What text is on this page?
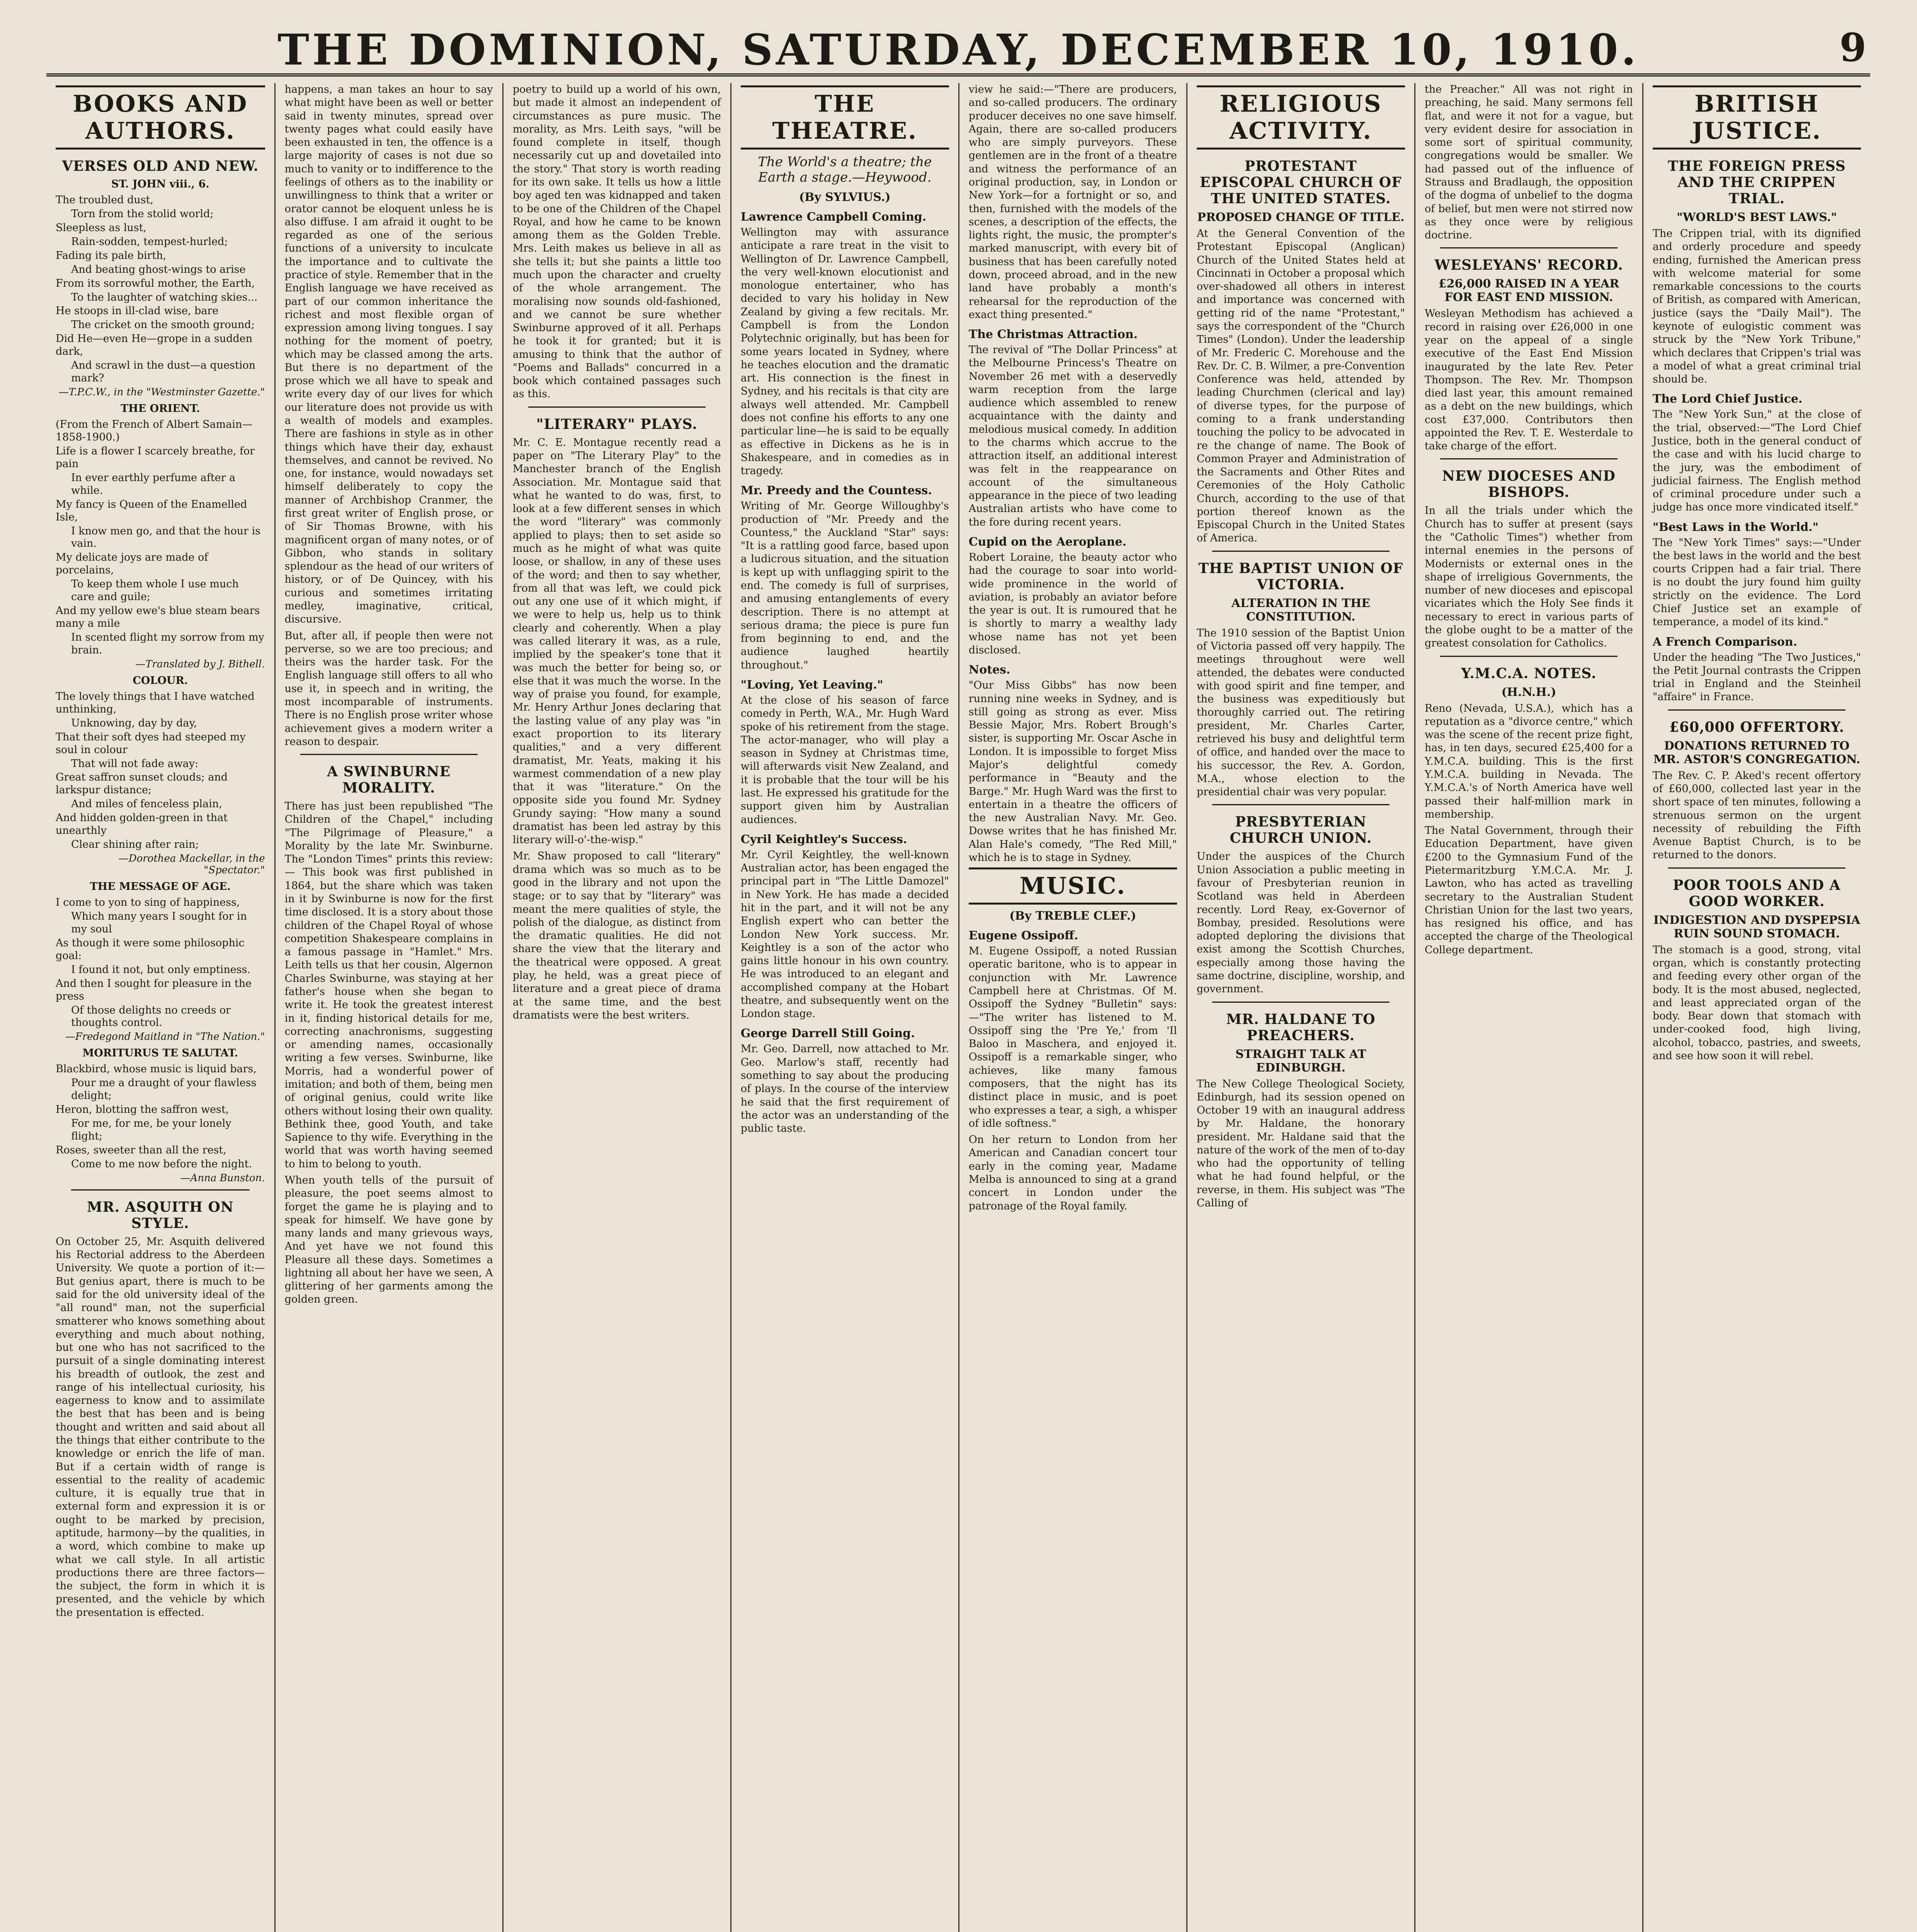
THE DOMINION, SATURDAY, DECEMBER 10, 1910.	9
BOOKS AND AUTHORS.
VERSES OLD AND NEW.

ST. JOHN viii., 6.

The troubled dust,

Torn from the stolid world;

Sleepless as lust,

Rain-sodden, tempest-hurled;

Fading its pale birth,

And beating ghost-wings to arise

From its sorrowful mother, the Earth,

To the laughter of watching skies...

He stoops in ill-clad wise, bare

The cricket on the smooth ground;

Did He—even He—grope in a sudden dark,

And scrawl in the dust—a question mark?

—T.P.C.W., in the "Westminster Gazette."

THE ORIENT.

(From the French of Albert Samain—1858-1900.)

Life is a flower I scarcely breathe, for pain

In ever earthly perfume after a while.

My fancy is Queen of the Enamelled Isle,

I know men go, and that the hour is vain.

My delicate joys are made of porcelains,

To keep them whole I use much care and guile;

And my yellow ewe's blue steam bears many a mile

In scented flight my sorrow from my brain.

—Translated by J. Bithell.

COLOUR.

The lovely things that I have watched unthinking,

Unknowing, day by day,

That their soft dyes had steeped my soul in colour

That will not fade away:

Great saffron sunset clouds; and larkspur distance;

And miles of fenceless plain,

And hidden golden-green in that unearthly

Clear shining after rain;

—Dorothea Mackellar, in the "Spectator."

THE MESSAGE OF AGE.

I come to yon to sing of happiness,

Which many years I sought for in my soul

As though it were some philosophic goal:

I found it not, but only emptiness.

And then I sought for pleasure in the press

Of those delights no creeds or thoughts control.

—Fredegond Maitland in "The Nation."

MORITURUS TE SALUTAT.

Blackbird, whose music is liquid bars,

Pour me a draught of your flawless delight;

Heron, blotting the saffron west,

For me, for me, be your lonely flight;

Roses, sweeter than all the rest,

Come to me now before the night.

—Anna Bunston.
MR. ASQUITH ON STYLE.

On October 25, Mr. Asquith delivered his Rectorial address to the Aberdeen University. We quote a portion of it:— But genius apart, there is much to be said for the old university ideal of the "all round" man, not the superficial smatterer who knows something about everything and much about nothing, but one who has not sacrificed to the pursuit of a single dominating interest his breadth of outlook, the zest and range of his intellectual curiosity, his eagerness to know and to assimilate the best that has been and is being thought and written and said about all the things that either contribute to the knowledge or enrich the life of man. But if a certain width of range is essential to the reality of academic culture, it is equally true that in external form and expression it is or ought to be marked by precision, aptitude, harmony—by the qualities, in a word, which combine to make up what we call style. In all artistic productions there are three factors—the subject, the form in which it is presented, and the vehicle by which the presentation is effected.

happens, a man takes an hour to say what might have been as well or better said in twenty minutes, spread over twenty pages what could easily have been exhausted in ten, the offence is a large majority of cases is not due so much to vanity or to indifference to the feelings of others as to the inability or unwillingness to think that a writer or orator cannot be eloquent unless he is also diffuse. I am afraid it ought to be regarded as one of the serious functions of a university to inculcate the importance and to cultivate the practice of style. Remember that in the English language we have received as part of our common inheritance the richest and most flexible organ of expression among living tongues. I say nothing for the moment of poetry, which may be classed among the arts. But there is no department of the prose which we all have to speak and write every day of our lives for which our literature does not provide us with a wealth of models and examples. There are fashions in style as in other things which have their day, exhaust themselves, and cannot be revived. No one, for instance, would nowadays set himself deliberately to copy the manner of Archbishop Cranmer, the first great writer of English prose, or of Sir Thomas Browne, with his magnificent organ of many notes, or of Gibbon, who stands in solitary splendour as the head of our writers of history, or of De Quincey, with his curious and sometimes irritating medley, imaginative, critical, discursive.

But, after all, if people then were not perverse, so we are too precious; and theirs was the harder task. For the English language still offers to all who use it, in speech and in writing, the most incomparable of instruments. There is no English prose writer whose achievement gives a modern writer a reason to despair.

A SWINBURNE MORALITY.

There has just been republished "The Children of the Chapel," including "The Pilgrimage of Pleasure," a Morality by the late Mr. Swinburne. The "London Times" prints this review:— This book was first published in 1864, but the share which was taken in it by Swinburne is now for the first time disclosed. It is a story about those children of the Chapel Royal of whose competition Shakespeare complains in a famous passage in "Hamlet." Mrs. Leith tells us that her cousin, Algernon Charles Swinburne, was staying at her father's house when she began to write it. He took the greatest interest in it, finding historical details for me, correcting anachronisms, suggesting or amending names, occasionally writing a few verses. Swinburne, like Morris, had a wonderful power of imitation; and both of them, being men of original genius, could write like others without losing their own quality. Bethink thee, good Youth, and take Sapience to thy wife. Everything in the world that was worth having seemed to him to belong to youth.

When youth tells of the pursuit of pleasure, the poet seems almost to forget the game he is playing and to speak for himself. We have gone by many lands and many grievous ways, And yet have we not found this Pleasure all these days. Sometimes a lightning all about her have we seen, A glittering of her garments among the golden green.

poetry to build up a world of his own, but made it almost an independent of circumstances as pure music. The morality, as Mrs. Leith says, "will be found complete in itself, though necessarily cut up and dovetailed into the story." That story is worth reading for its own sake. It tells us how a little boy aged ten was kidnapped and taken to be one of the Children of the Chapel Royal, and how he came to be known among them as the Golden Treble. Mrs. Leith makes us believe in all as she tells it; but she paints a little too much upon the character and cruelty of the whole arrangement. The moralising now sounds old-fashioned, and we cannot be sure whether Swinburne approved of it all. Perhaps he took it for granted; but it is amusing to think that the author of "Poems and Ballads" concurred in a book which contained passages such as this.

"LITERARY" PLAYS.

Mr. C. E. Montague recently read a paper on "The Literary Play" to the Manchester branch of the English Association. Mr. Montague said that what he wanted to do was, first, to look at a few different senses in which the word "literary" was commonly applied to plays; then to set aside so much as he might of what was quite loose, or shallow, in any of these uses of the word; and then to say whether, from all that was left, we could pick out any one use of it which might, if we were to help us, help us to think clearly and coherently. When a play was called literary it was, as a rule, implied by the speaker's tone that it was much the better for being so, or else that it was much the worse. In the way of praise you found, for example, Mr. Henry Arthur Jones declaring that the lasting value of any play was "in exact proportion to its literary qualities," and a very different dramatist, Mr. Yeats, making it his warmest commendation of a new play that it was "literature." On the opposite side you found Mr. Sydney Grundy saying: "How many a sound dramatist has been led astray by this literary will-o'-the-wisp."

Mr. Shaw proposed to call "literary" drama which was so much as to be good in the library and not upon the stage; or to say that by "literary" was meant the mere qualities of style, the polish of the dialogue, as distinct from the dramatic qualities. He did not share the view that the literary and the theatrical were opposed. A great play, he held, was a great piece of literature and a great piece of drama at the same time, and the best dramatists were the best writers.

THE THEATRE.
The World's a theatre; the Earth a stage.—Heywood.
(By SYLVIUS.)
Lawrence Campbell Coming.

Wellington may with assurance anticipate a rare treat in the visit to Wellington of Dr. Lawrence Campbell, the very well-known elocutionist and monologue entertainer, who has decided to vary his holiday in New Zealand by giving a few recitals. Mr. Campbell is from the London Polytechnic originally, but has been for some years located in Sydney, where he teaches elocution and the dramatic art. His connection is the finest in Sydney, and his recitals is that city are always well attended. Mr. Campbell does not confine his efforts to any one particular line—he is said to be equally as effective in Dickens as he is in Shakespeare, and in comedies as in tragedy.

Mr. Preedy and the Countess.

Writing of Mr. George Willoughby's production of "Mr. Preedy and the Countess," the Auckland "Star" says: "It is a rattling good farce, based upon a ludicrous situation, and the situation is kept up with unflagging spirit to the end. The comedy is full of surprises, and amusing entanglements of every description. There is no attempt at serious drama; the piece is pure fun from beginning to end, and the audience laughed heartily throughout."

"Loving, Yet Leaving."

At the close of his season of farce comedy in Perth, W.A., Mr. Hugh Ward spoke of his retirement from the stage. The actor-manager, who will play a season in Sydney at Christmas time, will afterwards visit New Zealand, and it is probable that the tour will be his last. He expressed his gratitude for the support given him by Australian audiences.

Cyril Keightley's Success.

Mr. Cyril Keightley, the well-known Australian actor, has been engaged the principal part in "The Little Damozel" in New York. He has made a decided hit in the part, and it will not be any English expert who can better the London New York success. Mr. Keightley is a son of the actor who gains little honour in his own country. He was introduced to an elegant and accomplished company at the Hobart theatre, and subsequently went on the London stage.

George Darrell Still Going.

Mr. Geo. Darrell, now attached to Mr. Geo. Marlow's staff, recently had something to say about the producing of plays. In the course of the interview he said that the first requirement of the actor was an understanding of the public taste.

view he said:—"There are producers, and so-called producers. The ordinary producer deceives no one save himself. Again, there are so-called producers who are simply purveyors. These gentlemen are in the front of a theatre and witness the performance of an original production, say, in London or New York—for a fortnight or so, and then, furnished with the models of the scenes, a description of the effects, the lights right, the music, the prompter's marked manuscript, with every bit of business that has been carefully noted down, proceed abroad, and in the new land have probably a month's rehearsal for the reproduction of the exact thing presented."

The Christmas Attraction.

The revival of "The Dollar Princess" at the Melbourne Princess's Theatre on November 26 met with a deservedly warm reception from the large audience which assembled to renew acquaintance with the dainty and melodious musical comedy. In addition to the charms which accrue to the attraction itself, an additional interest was felt in the reappearance on account of the simultaneous appearance in the piece of two leading Australian artists who have come to the fore during recent years.

Cupid on the Aeroplane.

Robert Loraine, the beauty actor who had the courage to soar into world-wide prominence in the world of aviation, is probably an aviator before the year is out. It is rumoured that he is shortly to marry a wealthy lady whose name has not yet been disclosed.

Notes.

"Our Miss Gibbs" has now been running nine weeks in Sydney, and is still going as strong as ever. Miss Bessie Major, Mrs. Robert Brough's sister, is supporting Mr. Oscar Asche in London. It is impossible to forget Miss Major's delightful comedy performance in "Beauty and the Barge." Mr. Hugh Ward was the first to entertain in a theatre the officers of the new Australian Navy. Mr. Geo. Dowse writes that he has finished Mr. Alan Hale's comedy, "The Red Mill," which he is to stage in Sydney.

MUSIC.
(By TREBLE CLEF.)
Eugene Ossipoff.

M. Eugene Ossipoff, a noted Russian operatic baritone, who is to appear in conjunction with Mr. Lawrence Campbell here at Christmas. Of M. Ossipoff the Sydney "Bulletin" says:—"The writer has listened to M. Ossipoff sing the 'Pre Ye,' from 'Il Baloo in Maschera, and enjoyed it. Ossipoff is a remarkable singer, who achieves, like many famous composers, that the night has its distinct place in music, and is poet who expresses a tear, a sigh, a whisper of idle softness."

On her return to London from her American and Canadian concert tour early in the coming year, Madame Melba is announced to sing at a grand concert in London under the patronage of the Royal family.

RELIGIOUS ACTIVITY.
PROTESTANT EPISCOPAL CHURCH OF THE UNITED STATES.
PROPOSED CHANGE OF TITLE.

At the General Convention of the Protestant Episcopal (Anglican) Church of the United States held at Cincinnati in October a proposal which over-shadowed all others in interest and importance was concerned with getting rid of the name "Protestant," says the correspondent of the "Church Times" (London). Under the leadership of Mr. Frederic C. Morehouse and the Rev. Dr. C. B. Wilmer, a pre-Convention Conference was held, attended by leading Churchmen (clerical and lay) of diverse types, for the purpose of coming to a frank understanding touching the policy to be advocated in re the change of name. The Book of Common Prayer and Administration of the Sacraments and Other Rites and Ceremonies of the Holy Catholic Church, according to the use of that portion thereof known as the Episcopal Church in the United States of America.

THE BAPTIST UNION OF VICTORIA.
ALTERATION IN THE CONSTITUTION.

The 1910 session of the Baptist Union of Victoria passed off very happily. The meetings throughout were well attended, the debates were conducted with good spirit and fine temper, and the business was expeditiously but thoroughly carried out. The retiring president, Mr. Charles Carter, retrieved his busy and delightful term of office, and handed over the mace to his successor, the Rev. A. Gordon, M.A., whose election to the presidential chair was very popular.

PRESBYTERIAN CHURCH UNION.

Under the auspices of the Church Union Association a public meeting in favour of Presbyterian reunion in Scotland was held in Aberdeen recently. Lord Reay, ex-Governor of Bombay, presided. Resolutions were adopted deploring the divisions that exist among the Scottish Churches, especially among those having the same doctrine, discipline, worship, and government.

MR. HALDANE TO PREACHERS.
STRAIGHT TALK AT EDINBURGH.

The New College Theological Society, Edinburgh, had its session opened on October 19 with an inaugural address by Mr. Haldane, the honorary president. Mr. Haldane said that the nature of the work of the men of to-day who had the opportunity of telling what he had found helpful, or the reverse, in them. His subject was "The Calling of

the Preacher." All was not right in preaching, he said. Many sermons fell flat, and were it not for a vague, but very evident desire for association in some sort of spiritual community, congregations would be smaller. We had passed out of the influence of Strauss and Bradlaugh, the opposition of the dogma of unbelief to the dogma of belief, but men were not stirred now as they once were by religious doctrine.

WESLEYANS' RECORD.
£26,000 RAISED IN A YEAR FOR EAST END MISSION.

Wesleyan Methodism has achieved a record in raising over £26,000 in one year on the appeal of a single executive of the East End Mission inaugurated by the late Rev. Peter Thompson. The Rev. Mr. Thompson died last year, this amount remained as a debt on the new buildings, which cost £37,000. Contributors then appointed the Rev. T. E. Westerdale to take charge of the effort.

NEW DIOCESES AND BISHOPS.

In all the trials under which the Church has to suffer at present (says the "Catholic Times") whether from internal enemies in the persons of Modernists or external ones in the shape of irreligious Governments, the number of new dioceses and episcopal vicariates which the Holy See finds it necessary to erect in various parts of the globe ought to be a matter of the greatest consolation for Catholics.

Y.M.C.A. NOTES.
(H.N.H.)

Reno (Nevada, U.S.A.), which has a reputation as a "divorce centre," which was the scene of the recent prize fight, has, in ten days, secured £25,400 for a Y.M.C.A. building. This is the first Y.M.C.A. building in Nevada. The Y.M.C.A.'s of North America have well passed their half-million mark in membership.

The Natal Government, through their Education Department, have given £200 to the Gymnasium Fund of the Pietermaritzburg Y.M.C.A. Mr. J. Lawton, who has acted as travelling secretary to the Australian Student Christian Union for the last two years, has resigned his office, and has accepted the charge of the Theological College department.

BRITISH JUSTICE.
THE FOREIGN PRESS AND THE CRIPPEN TRIAL.
"WORLD'S BEST LAWS."

The Crippen trial, with its dignified and orderly procedure and speedy ending, furnished the American press with welcome material for some remarkable concessions to the courts of British, as compared with American, justice (says the "Daily Mail"). The keynote of eulogistic comment was struck by the "New York Tribune," which declares that Crippen's trial was a model of what a great criminal trial should be.

The Lord Chief Justice.

The "New York Sun," at the close of the trial, observed:—"The Lord Chief Justice, both in the general conduct of the case and with his lucid charge to the jury, was the embodiment of judicial fairness. The English method of criminal procedure under such a judge has once more vindicated itself."

"Best Laws in the World."

The "New York Times" says:—"Under the best laws in the world and the best courts Crippen had a fair trial. There is no doubt the jury found him guilty strictly on the evidence. The Lord Chief Justice set an example of temperance, a model of its kind."

A French Comparison.

Under the heading "The Two Justices," the Petit Journal contrasts the Crippen trial in England and the Steinheil "affaire" in France.

£60,000 OFFERTORY.
DONATIONS RETURNED TO MR. ASTOR'S CONGREGATION.

The Rev. C. P. Aked's recent offertory of £60,000, collected last year in the short space of ten minutes, following a strenuous sermon on the urgent necessity of rebuilding the Fifth Avenue Baptist Church, is to be returned to the donors.

POOR TOOLS AND A GOOD WORKER.
INDIGESTION AND DYSPEPSIA RUIN SOUND STOMACH.

The stomach is a good, strong, vital organ, which is constantly protecting and feeding every other organ of the body. It is the most abused, neglected, and least appreciated organ of the body. Bear down that stomach with under-cooked food, high living, alcohol, tobacco, pastries, and sweets, and see how soon it will rebel.
